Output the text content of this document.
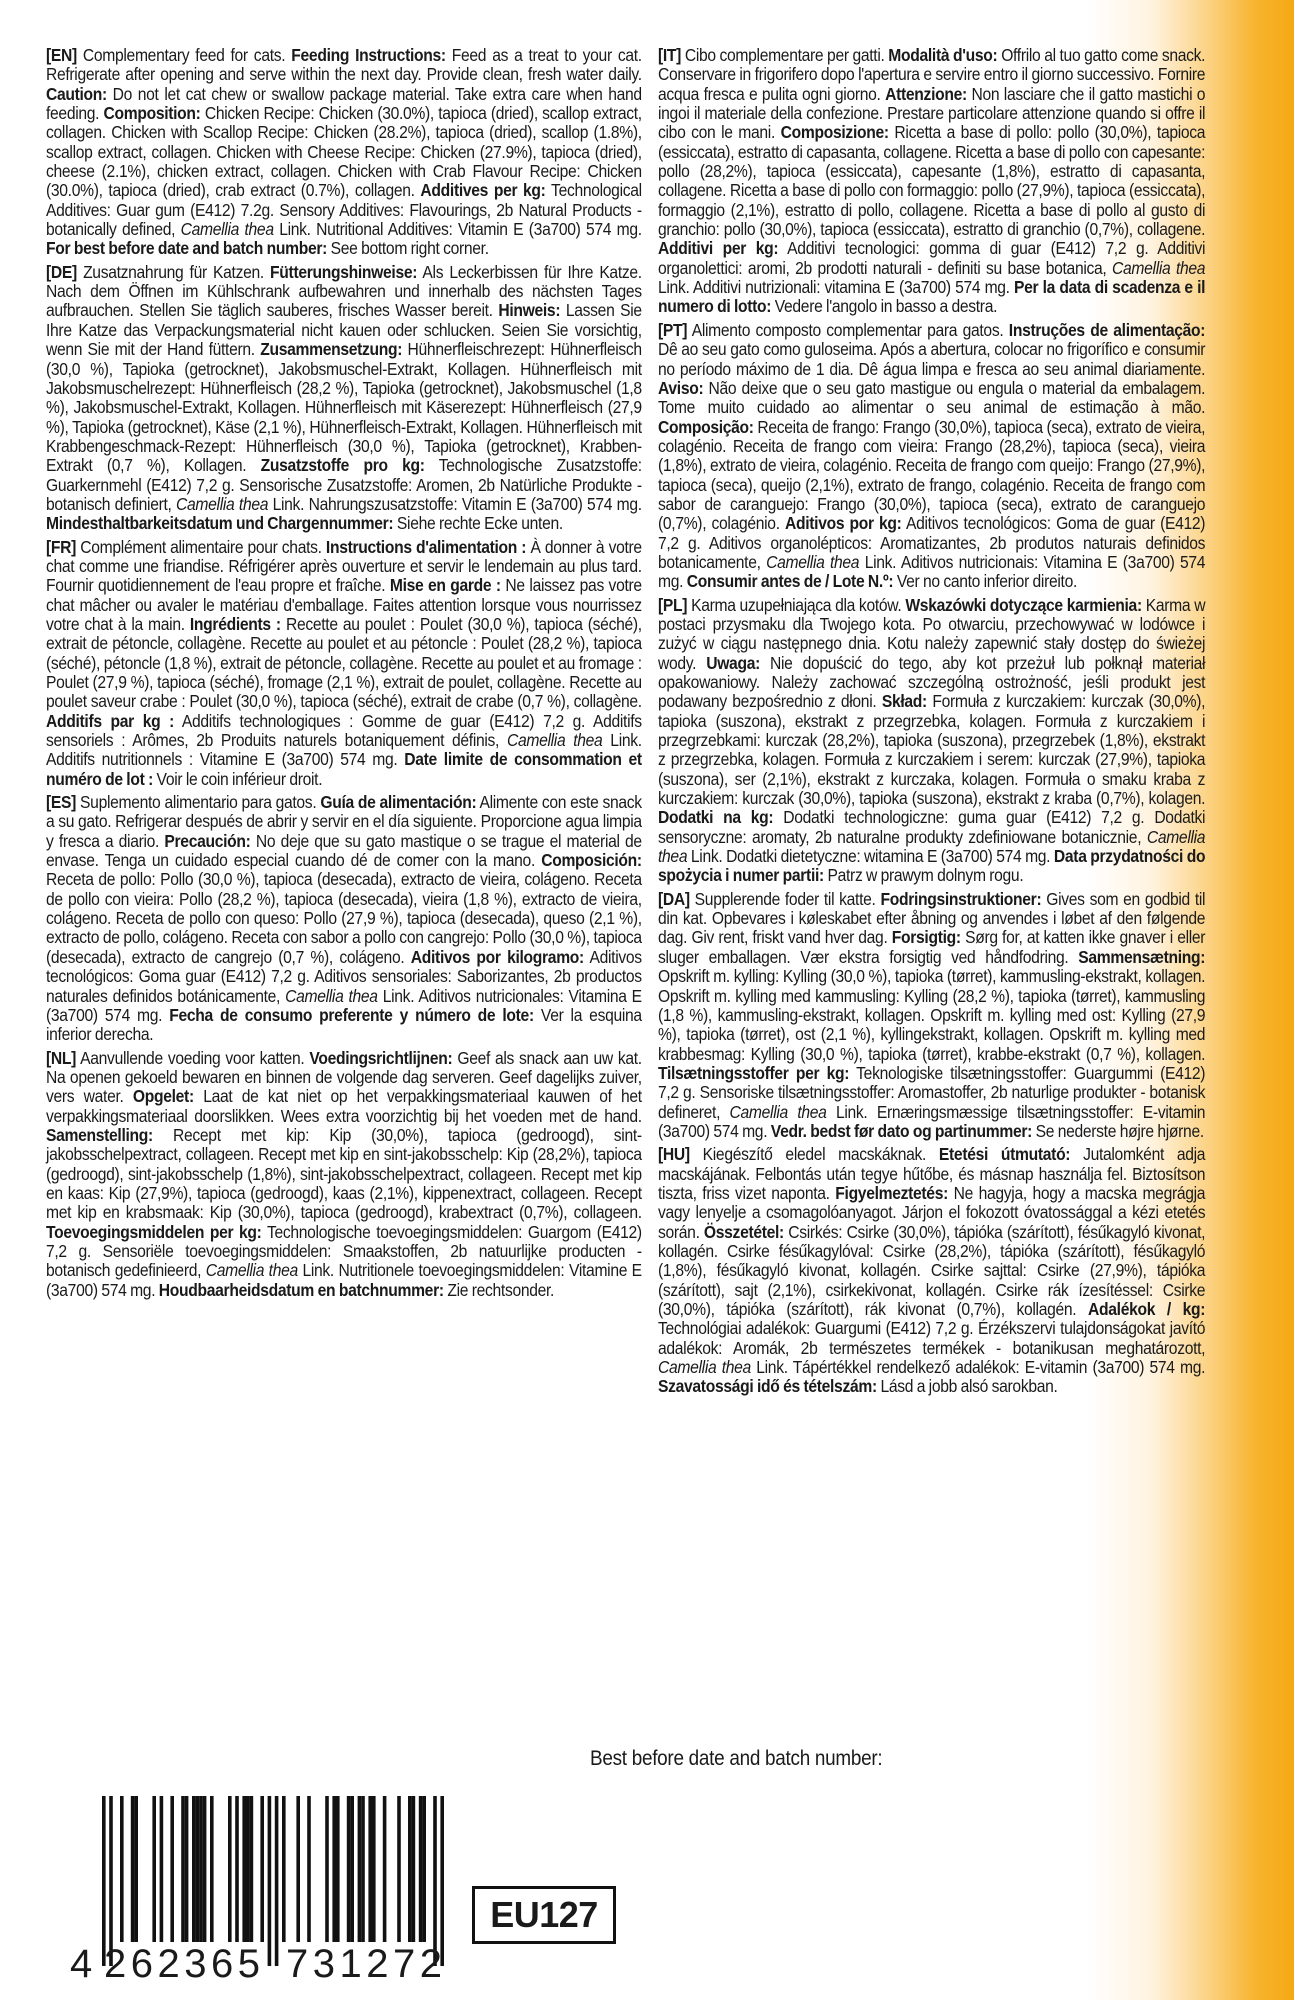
[EN] Complementary feed for cats. Feeding Instructions: Feed as a treat to your cat. Refrigerate after opening and serve within the next day. Provide clean, fresh water daily. Caution: Do not let cat chew or swallow package material. Take extra care when hand feeding. Composition: Chicken Recipe: Chicken (30.0%), tapioca (dried), scallop extract, collagen. Chicken with Scallop Recipe: Chicken (28.2%), tapioca (dried), scallop (1.8%), scallop extract, collagen. Chicken with Cheese Recipe: Chicken (27.9%), tapioca (dried), cheese (2.1%), chicken extract, collagen. Chicken with Crab Flavour Recipe: Chicken (30.0%), tapioca (dried), crab extract (0.7%), collagen. Additives per kg: Technological Additives: Guar gum (E412) 7.2g. Sensory Additives: Flavourings, 2b Natural Products - botanically defined, Camellia thea Link. Nutritional Additives: Vitamin E (3a700) 574 mg. For best before date and batch number: See bottom right corner.

[DE] Zusatznahrung für Katzen. Fütterungshinweise: Als Leckerbissen für Ihre Katze. Nach dem Öffnen im Kühlschrank aufbewahren und innerhalb des nächsten Tages aufbrauchen. Stellen Sie täglich sauberes, frisches Wasser bereit. Hinweis: Lassen Sie Ihre Katze das Verpackungsmaterial nicht kauen oder schlucken. Seien Sie vorsichtig, wenn Sie mit der Hand füttern. Zusammensetzung: Hühnerfleischrezept: Hühnerfleisch (30,0 %), Tapioka (getrocknet), Jakobsmuschel-Extrakt, Kollagen. Hühnerfleisch mit Jakobsmuschelrezept: Hühnerfleisch (28,2 %), Tapioka (getrocknet), Jakobsmuschel (1,8 %), Jakobsmuschel-Extrakt, Kollagen. Hühnerfleisch mit Käserezept: Hühnerfleisch (27,9 %), Tapioka (getrocknet), Käse (2,1 %), Hühnerfleisch-Extrakt, Kollagen. Hühnerfleisch mit Krabbengeschmack-Rezept: Hühnerfleisch (30,0 %), Tapioka (getrocknet), Krabben-Extrakt (0,7 %), Kollagen. Zusatzstoffe pro kg: Technologische Zusatzstoffe: Guarkernmehl (E412) 7,2 g. Sensorische Zusatzstoffe: Aromen, 2b Natürliche Produkte - botanisch definiert, Camellia thea Link. Nahrungszusatzstoffe: Vitamin E (3a700) 574 mg. Mindesthaltbarkeitsdatum und Chargennummer: Siehe rechte Ecke unten.

[FR] Complément alimentaire pour chats. Instructions d'alimentation : À donner à votre chat comme une friandise. Réfrigérer après ouverture et servir le lendemain au plus tard. Fournir quotidiennement de l'eau propre et fraîche. Mise en garde : Ne laissez pas votre chat mâcher ou avaler le matériau d'emballage. Faites attention lorsque vous nourrissez votre chat à la main. Ingrédients : Recette au poulet : Poulet (30,0 %), tapioca (séché), extrait de pétoncle, collagène. Recette au poulet et au pétoncle : Poulet (28,2 %), tapioca (séché), pétoncle (1,8 %), extrait de pétoncle, collagène. Recette au poulet et au fromage : Poulet (27,9 %), tapioca (séché), fromage (2,1 %), extrait de poulet, collagène. Recette au poulet saveur crabe : Poulet (30,0 %), tapioca (séché), extrait de crabe (0,7 %), collagène. Additifs par kg : Additifs technologiques : Gomme de guar (E412) 7,2 g. Additifs sensoriels : Arômes, 2b Produits naturels botaniquement définis, Camellia thea Link. Additifs nutritionnels : Vitamine E (3a700) 574 mg. Date limite de consommation et numéro de lot : Voir le coin inférieur droit.

[ES] Suplemento alimentario para gatos. Guía de alimentación: Alimente con este snack a su gato. Refrigerar después de abrir y servir en el día siguiente. Proporcione agua limpia y fresca a diario. Precaución: No deje que su gato mastique o se trague el material de envase. Tenga un cuidado especial cuando dé de comer con la mano. Composición: Receta de pollo: Pollo (30,0 %), tapioca (desecada), extracto de vieira, colágeno. Receta de pollo con vieira: Pollo (28,2 %), tapioca (desecada), vieira (1,8 %), extracto de vieira, colágeno. Receta de pollo con queso: Pollo (27,9 %), tapioca (desecada), queso (2,1 %), extracto de pollo, colágeno. Receta con sabor a pollo con cangrejo: Pollo (30,0 %), tapioca (desecada), extracto de cangrejo (0,7 %), colágeno. Aditivos por kilogramo: Aditivos tecnológicos: Goma guar (E412) 7,2 g. Aditivos sensoriales: Saborizantes, 2b productos naturales definidos botánicamente, Camellia thea Link. Aditivos nutricionales: Vitamina E (3a700) 574 mg. Fecha de consumo preferente y número de lote: Ver la esquina inferior derecha.

[NL] Aanvullende voeding voor katten. Voedingsrichtlijnen: Geef als snack aan uw kat. Na openen gekoeld bewaren en binnen de volgende dag serveren. Geef dagelijks zuiver, vers water. Opgelet: Laat de kat niet op het verpakkingsmateriaal kauwen of het verpakkingsmateriaal doorslikken. Wees extra voorzichtig bij het voeden met de hand. Samenstelling: Recept met kip: Kip (30,0%), tapioca (gedroogd), sint-jakobsschelpextract, collageen. Recept met kip en sint-jakobsschelp: Kip (28,2%), tapioca (gedroogd), sint-jakobsschelp (1,8%), sint-jakobsschelpextract, collageen. Recept met kip en kaas: Kip (27,9%), tapioca (gedroogd), kaas (2,1%), kippenextract, collageen. Recept met kip en krabsmaak: Kip (30,0%), tapioca (gedroogd), krabextract (0,7%), collageen. Toevoegingsmiddelen per kg: Technologische toevoegingsmiddelen: Guargom (E412) 7,2 g. Sensoriële toevoegingsmiddelen: Smaakstoffen, 2b natuurlijke producten - botanisch gedefinieerd, Camellia thea Link. Nutritionele toevoegingsmiddelen: Vitamine E (3a700) 574 mg. Houdbaarheidsdatum en batchnummer: Zie rechtsonder.

[IT] Cibo complementare per gatti. Modalità d'uso: Offrilo al tuo gatto come snack. Conservare in frigorifero dopo l'apertura e servire entro il giorno successivo. Fornire acqua fresca e pulita ogni giorno. Attenzione: Non lasciare che il gatto mastichi o ingoi il materiale della confezione. Prestare particolare attenzione quando si offre il cibo con le mani. Composizione: Ricetta a base di pollo: pollo (30,0%), tapioca (essiccata), estratto di capasanta, collagene. Ricetta a base di pollo con capesante: pollo (28,2%), tapioca (essiccata), capesante (1,8%), estratto di capasanta, collagene. Ricetta a base di pollo con formaggio: pollo (27,9%), tapioca (essiccata), formaggio (2,1%), estratto di pollo, collagene. Ricetta a base di pollo al gusto di granchio: pollo (30,0%), tapioca (essiccata), estratto di granchio (0,7%), collagene. Additivi per kg: Additivi tecnologici: gomma di guar (E412) 7,2 g. Additivi organolettici: aromi, 2b prodotti naturali - definiti su base botanica, Camellia thea Link. Additivi nutrizionali: vitamina E (3a700) 574 mg. Per la data di scadenza e il numero di lotto: Vedere l'angolo in basso a destra.

[PT] Alimento composto complementar para gatos. Instruções de alimentação: Dê ao seu gato como guloseima. Após a abertura, colocar no frigorífico e consumir no período máximo de 1 dia. Dê água limpa e fresca ao seu animal diariamente. Aviso: Não deixe que o seu gato mastigue ou engula o material da embalagem. Tome muito cuidado ao alimentar o seu animal de estimação à mão. Composição: Receita de frango: Frango (30,0%), tapioca (seca), extrato de vieira, colagénio. Receita de frango com vieira: Frango (28,2%), tapioca (seca), vieira (1,8%), extrato de vieira, colagénio. Receita de frango com queijo: Frango (27,9%), tapioca (seca), queijo (2,1%), extrato de frango, colagénio. Receita de frango com sabor de caranguejo: Frango (30,0%), tapioca (seca), extrato de caranguejo (0,7%), colagénio. Aditivos por kg: Aditivos tecnológicos: Goma de guar (E412) 7,2 g. Aditivos organolépticos: Aromatizantes, 2b produtos naturais definidos botanicamente, Camellia thea Link. Aditivos nutricionais: Vitamina E (3a700) 574 mg. Consumir antes de / Lote N.º: Ver no canto inferior direito.

[PL] Karma uzupełniająca dla kotów. Wskazówki dotyczące karmienia: Karma w postaci przysmaku dla Twojego kota. Po otwarciu, przechowywać w lodówce i zużyć w ciągu następnego dnia. Kotu należy zapewnić stały dostęp do świeżej wody. Uwaga: Nie dopuścić do tego, aby kot przeżuł lub połknął materiał opakowaniowy. Należy zachować szczególną ostrożność, jeśli produkt jest podawany bezpośrednio z dłoni. Skład: Formuła z kurczakiem: kurczak (30,0%), tapioka (suszona), ekstrakt z przegrzebka, kolagen. Formuła z kurczakiem i przegrzebkami: kurczak (28,2%), tapioka (suszona), przegrzebek (1,8%), ekstrakt z przegrzebka, kolagen. Formuła z kurczakiem i serem: kurczak (27,9%), tapioka (suszona), ser (2,1%), ekstrakt z kurczaka, kolagen. Formuła o smaku kraba z kurczakiem: kurczak (30,0%), tapioka (suszona), ekstrakt z kraba (0,7%), kolagen. Dodatki na kg: Dodatki technologiczne: guma guar (E412) 7,2 g. Dodatki sensoryczne: aromaty, 2b naturalne produkty zdefiniowane botanicznie, Camellia thea Link. Dodatki dietetyczne: witamina E (3a700) 574 mg. Data przydatności do spożycia i numer partii: Patrz w prawym dolnym rogu.

[DA] Supplerende foder til katte. Fodringsinstruktioner: Gives som en godbid til din kat. Opbevares i køleskabet efter åbning og anvendes i løbet af den følgende dag. Giv rent, friskt vand hver dag. Forsigtig: Sørg for, at katten ikke gnaver i eller sluger emballagen. Vær ekstra forsigtig ved håndfodring. Sammensætning: Opskrift m. kylling: Kylling (30,0 %), tapioka (tørret), kammusling-ekstrakt, kollagen. Opskrift m. kylling med kammusling: Kylling (28,2 %), tapioka (tørret), kammusling (1,8 %), kammusling-ekstrakt, kollagen. Opskrift m. kylling med ost: Kylling (27,9 %), tapioka (tørret), ost (2,1 %), kyllingekstrakt, kollagen. Opskrift m. kylling med krabbesmag: Kylling (30,0 %), tapioka (tørret), krabbe-ekstrakt (0,7 %), kollagen. Tilsætningsstoffer per kg: Teknologiske tilsætningsstoffer: Guargummi (E412) 7,2 g. Sensoriske tilsætningsstoffer: Aromastoffer, 2b naturlige produkter - botanisk defineret, Camellia thea Link. Ernæringsmæssige tilsætningsstoffer: E-vitamin (3a700) 574 mg. Vedr. bedst før dato og partinummer: Se nederste højre hjørne.

[HU] Kiegészítő eledel macskáknak. Etetési útmutató: Jutalomként adja macskájának. Felbontás után tegye hűtőbe, és másnap használja fel. Biztosítson tiszta, friss vizet naponta. Figyelmeztetés: Ne hagyja, hogy a macska megrágja vagy lenyelje a csomagolóanyagot. Járjon el fokozott óvatossággal a kézi etetés során. Összetétel: Csirkés: Csirke (30,0%), tápióka (szárított), fésűkagyló kivonat, kollagén. Csirke fésűkagylóval: Csirke (28,2%), tápióka (szárított), fésűkagyló (1,8%), fésűkagyló kivonat, kollagén. Csirke sajttal: Csirke (27,9%), tápióka (szárított), sajt (2,1%), csirkekivonat, kollagén. Csirke rák ízesítéssel: Csirke (30,0%), tápióka (szárított), rák kivonat (0,7%), kollagén. Adalékok / kg: Technológiai adalékok: Guargumi (E412) 7,2 g. Érzékszervi tulajdonságokat javító adalékok: Aromák, 2b természetes termékek - botanikusan meghatározott, Camellia thea Link. Tápértékkel rendelkező adalékok: E-vitamin (3a700) 574 mg. Szavatossági idő és tételszám: Lásd a jobb alsó sarokban.

Best before date and batch number:
4 262365 731272
EU127
